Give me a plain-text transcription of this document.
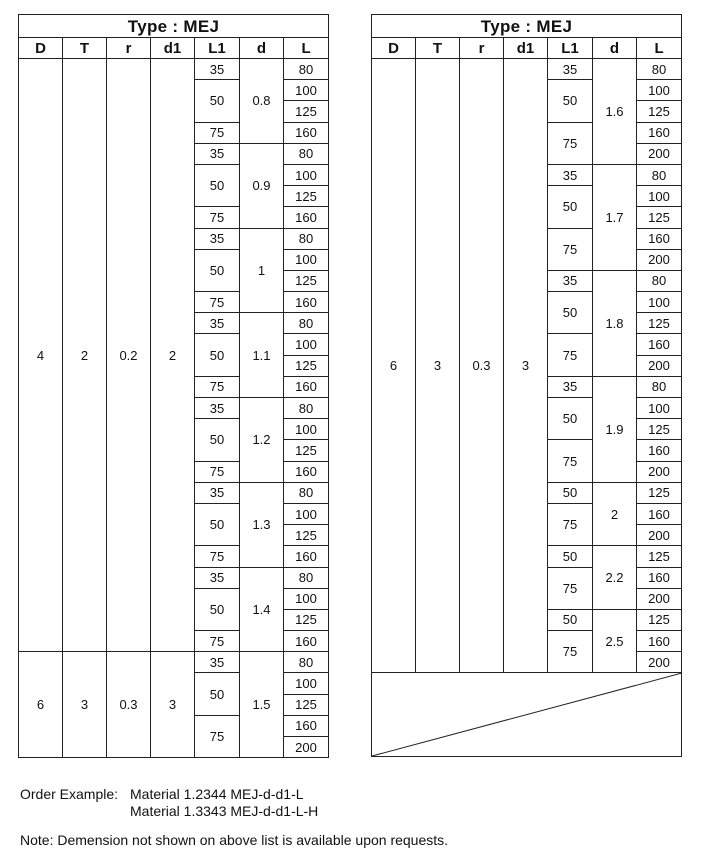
Type : MEJ						
D	T	r	d1	L1	d	L
4	2	0.2	2	35	0.8	80
				50		100
						125
				75		160
				35	0.9	80
				50		100
						125
				75		160
				35	1	80
				50		100
						125
				75		160
				35	1.1	80
				50		100
						125
				75		160
				35	1.2	80
				50		100
						125
				75		160
				35	1.3	80
				50		100
						125
				75		160
				35	1.4	80
				50		100
						125
				75		160
6	3	0.3	3	35	1.5	80
				50		100
						125
				75		160
						200
Type : MEJ						
D	T	r	d1	L1	d	L
6	3	0.3	3	35	1.6	80
				50		100
						125
				75		160
						200
				35	1.7	80
				50		100
						125
				75		160
						200
				35	1.8	80
				50		100
						125
				75		160
						200
				35	1.9	80
				50		100
						125
				75		160
						200
				50	2	125
				75		160
						200
				50	2.2	125
				75		160
						200
				50	2.5	125
				75		160
						200

Order Example: Material 1.2344 MEJ-d-d1-L
Material 1.3343 MEJ-d-d1-L-H
Note: Demension not shown on above list is available upon requests.
